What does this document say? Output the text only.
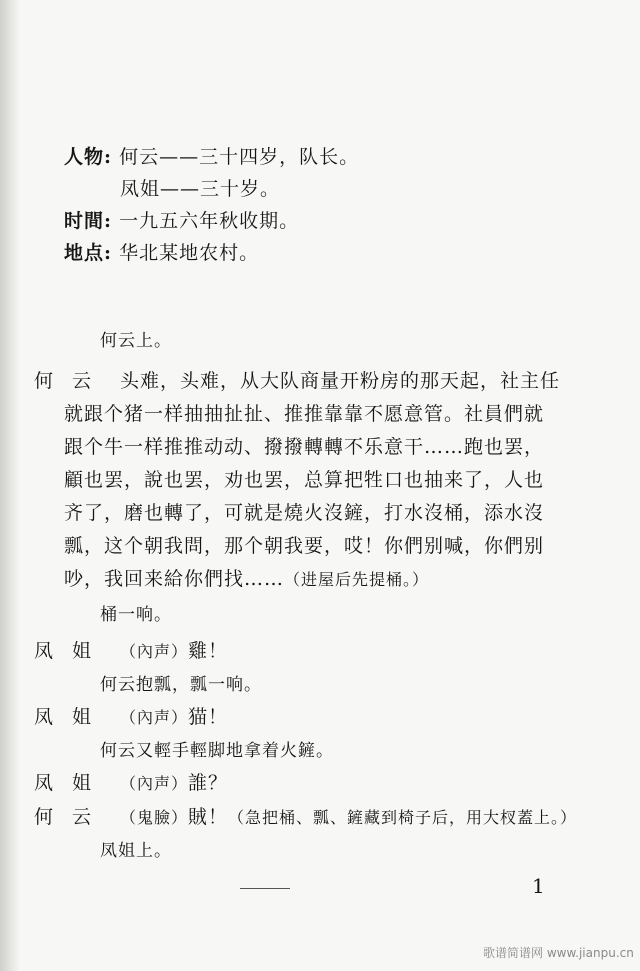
人物: 何云——三十四岁，队长。
凤姐——三十岁。
时間: 一九五六年秋收期。
地点: 华北某地农村。
何云上。
何　云 头难，头难，从大队商量开粉房的那天起，社主任
就跟个猪一样抽抽扯扯、推推靠靠不愿意管。社員們就
跟个牛一样推推动动、撥撥轉轉不乐意干……跑也罢，
顧也罢，說也罢，劝也罢，总算把牲口也抽来了，人也
齐了，磨也轉了，可就是燒火沒鏟，打水沒桶，添水沒
瓢，这个朝我問，那个朝我要，哎！你們别喊，你們别
吵，我回来給你們找……（进屋后先提桶。）
桶一响。
凤　姐 （內声）雞！
何云抱瓢，瓢一响。
凤　姐 （內声）猫！
何云又輕手輕脚地拿着火鏟。
凤　姐 （內声）誰？
何　云 （鬼臉）賊！（急把桶、瓢、鏟藏到椅子后，用大杈蓋上。）
凤姐上。
1
歌谱简谱网 www.jianpu.cn
